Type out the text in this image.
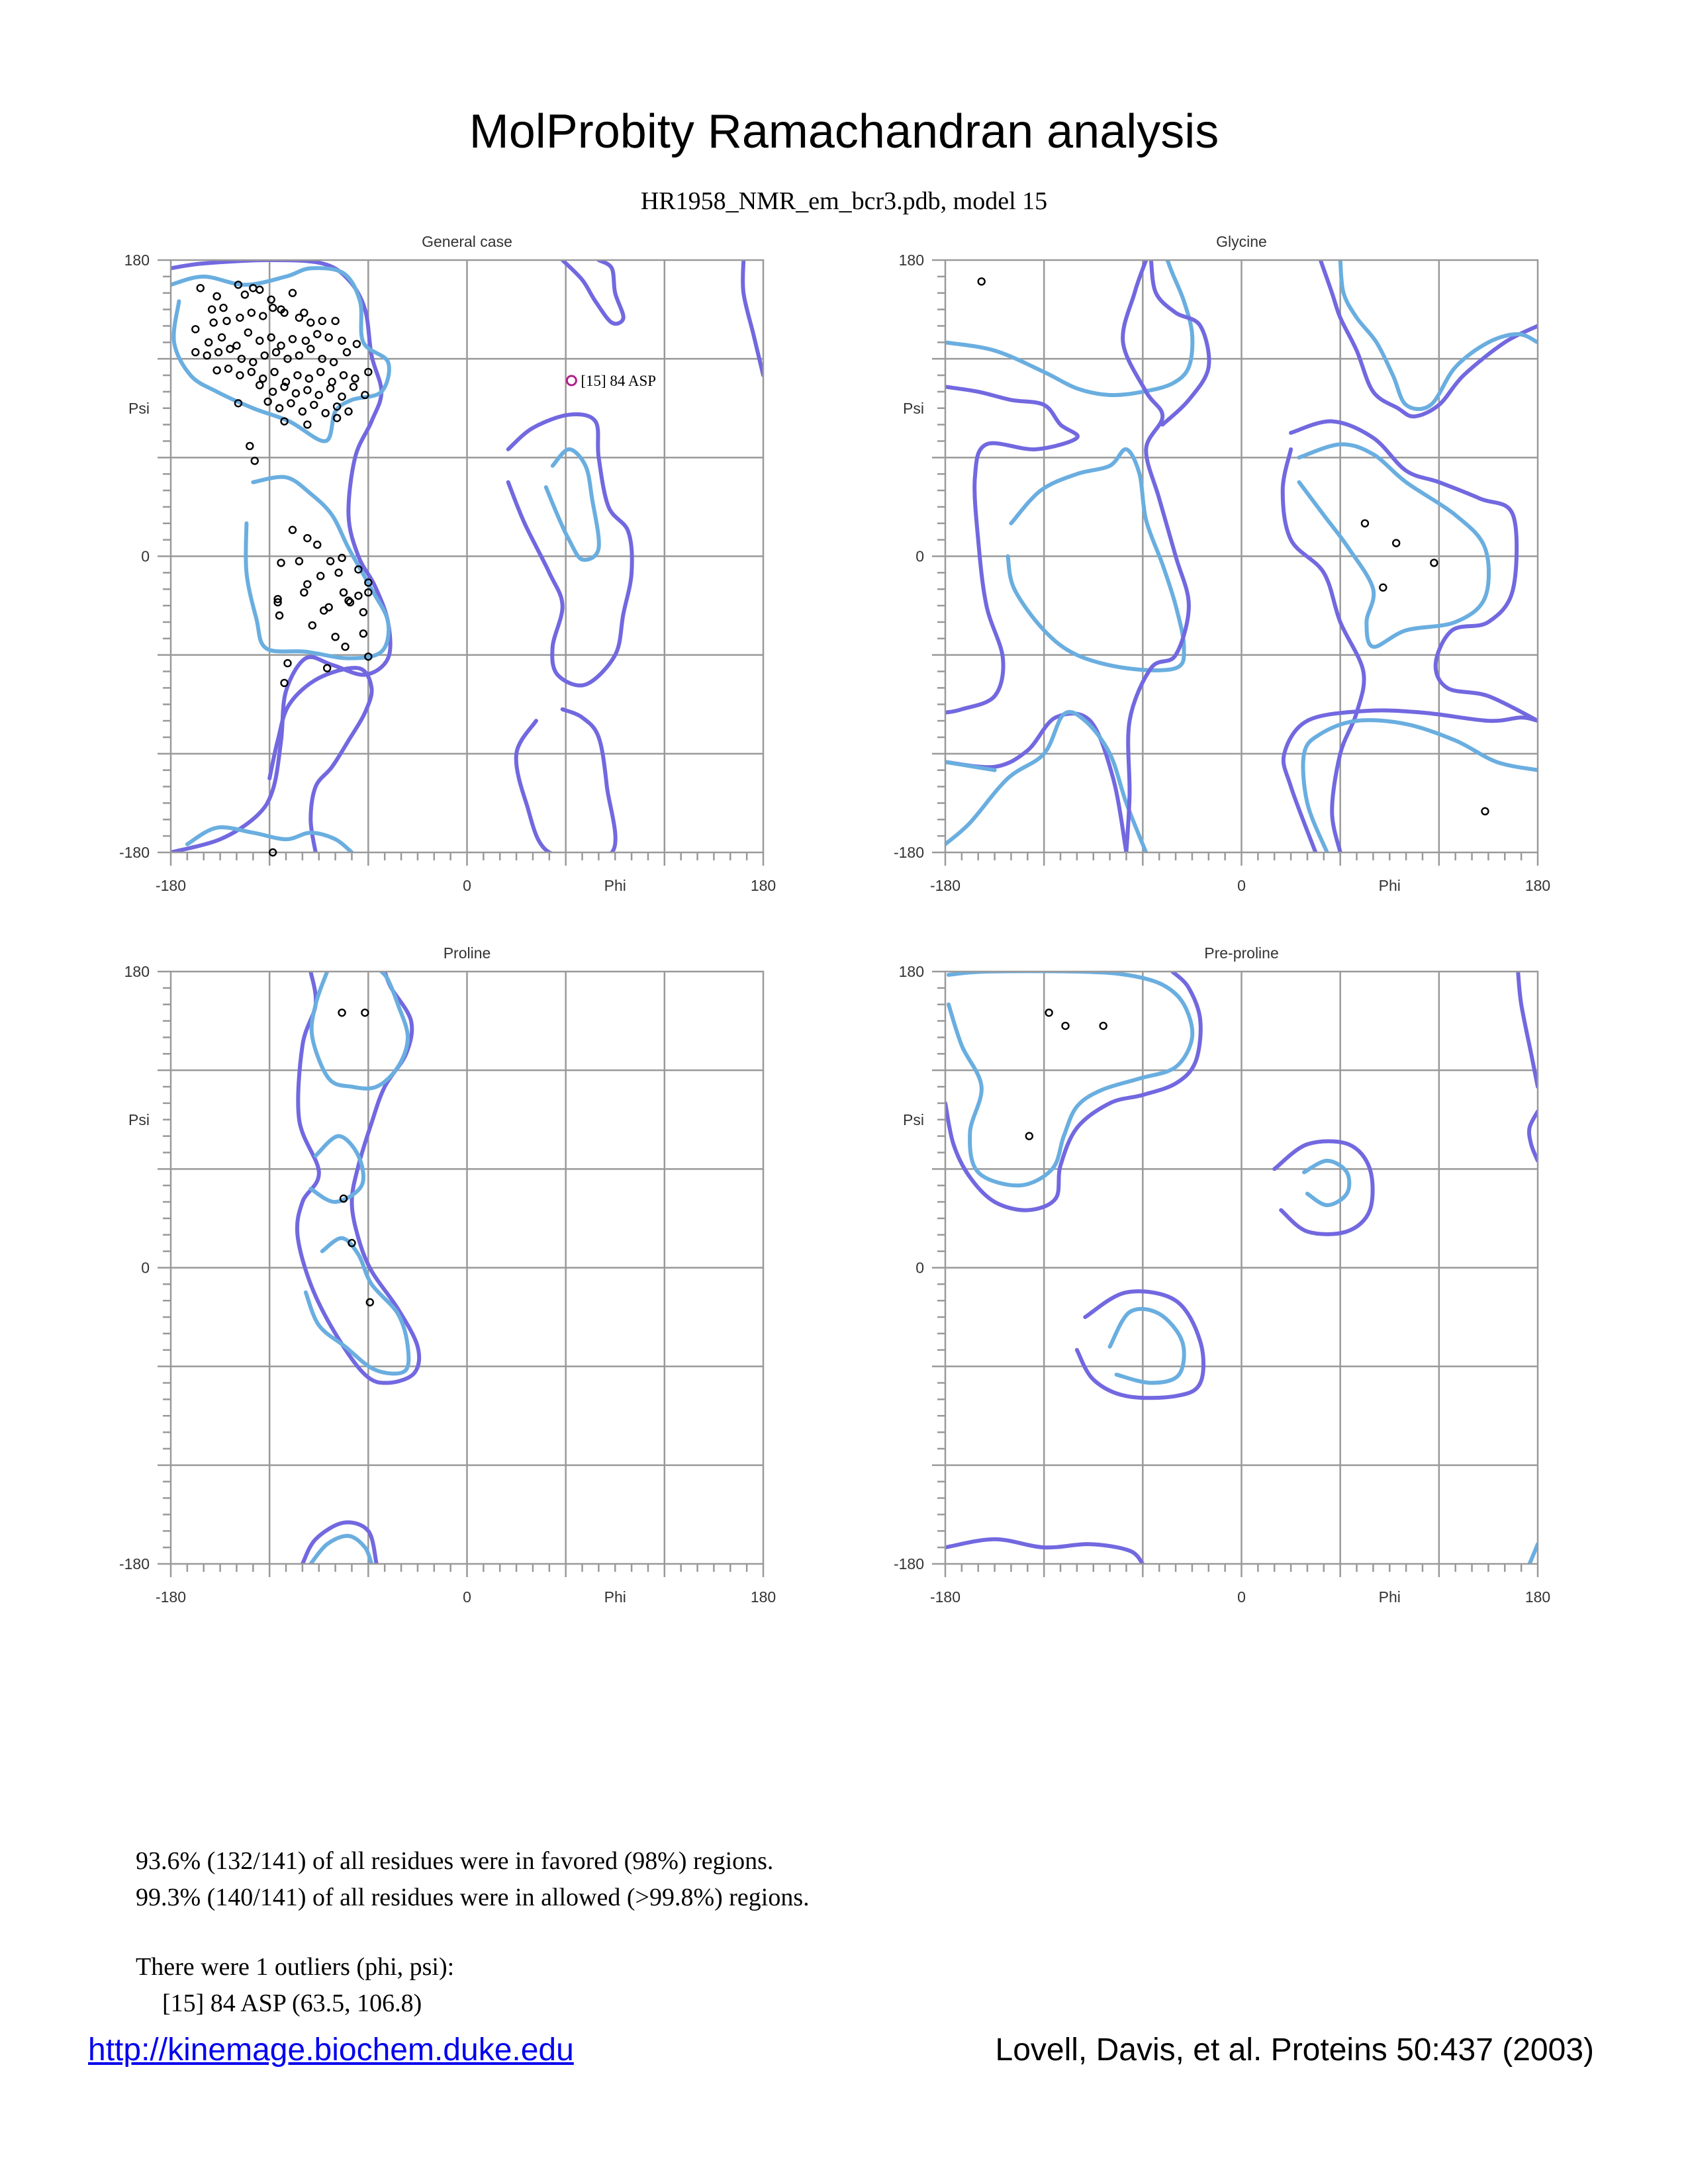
MolProbity Ramachandran analysis
HR1958_NMR_em_bcr3.pdb, model 15
General case
-180	0	180
-180
0
180
Phi
Psi
[15] 84 ASP
Glycine
-180	0	180
-180
0
180
Phi
Psi
Proline
-180	0	180
-180
0
180
Phi
Psi
Pre-proline
-180	0	180
-180
0
180
Phi
Psi
93.6% (132/141) of all residues were in favored (98%) regions.
99.3% (140/141) of all residues were in allowed (>99.8%) regions.
There were 1 outliers (phi, psi):
[15] 84 ASP (63.5, 106.8)
http://kinemage.biochem.duke.edu	Lovell, Davis, et al. Proteins 50:437 (2003)
